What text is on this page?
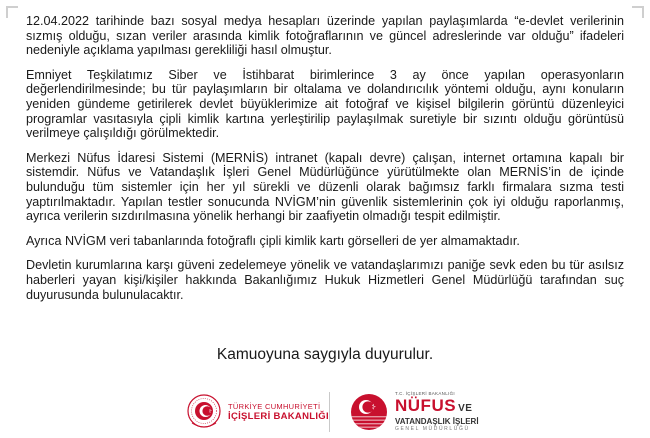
12.04.2022 tarihinde bazı sosyal medya hesapları üzerinde yapılan paylaşımlarda “e-devlet verilerinin sızmış olduğu, sızan veriler arasında kimlik fotoğraflarının ve güncel adreslerinde var olduğu” ifadeleri nedeniyle açıklama yapılması gerekliliği hasıl olmuştur.

Emniyet Teşkilatımız Siber ve İstihbarat birimlerince 3 ay önce yapılan operasyonların değerlendirilmesinde; bu tür paylaşımların bir oltalama ve dolandırıcılık yöntemi olduğu, aynı konuların yeniden gündeme getirilerek devlet büyüklerimize ait fotoğraf ve kişisel bilgilerin görüntü düzenleyici programlar vasıtasıyla çipli kimlik kartına yerleştirilip paylaşılmak suretiyle bir sızıntı olduğu görüntüsü verilmeye çalışıldığı görülmektedir.

Merkezi Nüfus İdaresi Sistemi (MERNİS) intranet (kapalı devre) çalışan, internet ortamına kapalı bir sistemdir. Nüfus ve Vatandaşlık İşleri Genel Müdürlüğünce yürütülmekte olan MERNİS’in de içinde bulunduğu tüm sistemler için her yıl sürekli ve düzenli olarak bağımsız farklı firmalara sızma testi yaptırılmaktadır. Yapılan testler sonucunda NVİGM’nin güvenlik sistemlerinin çok iyi olduğu raporlanmış, ayrıca verilerin sızdırılmasına yönelik herhangi bir zaafiyetin olmadığı tespit edilmiştir.

Ayrıca NVİGM veri tabanlarında fotoğraflı çipli kimlik kartı görselleri de yer almamaktadır.

Devletin kurumlarına karşı güveni zedelemeye yönelik ve vatandaşlarımızı paniğe sevk eden bu tür asılsız haberleri yayan kişi/kişiler hakkında Bakanlığımız Hukuk Hizmetleri Genel Müdürlüğü tarafından suç duyurusunda bulunulacaktır.

Kamuoyuna saygıyla duyurulur.
TÜRKİYE CUMHURİYETİ
İÇİŞLERİ BAKANLIĞI
T.C. İÇİŞLERİ BAKANLIĞI
NÜFUS VE
VATANDAŞLIK İŞLERİ
GENEL MÜDÜRLÜĞÜ
